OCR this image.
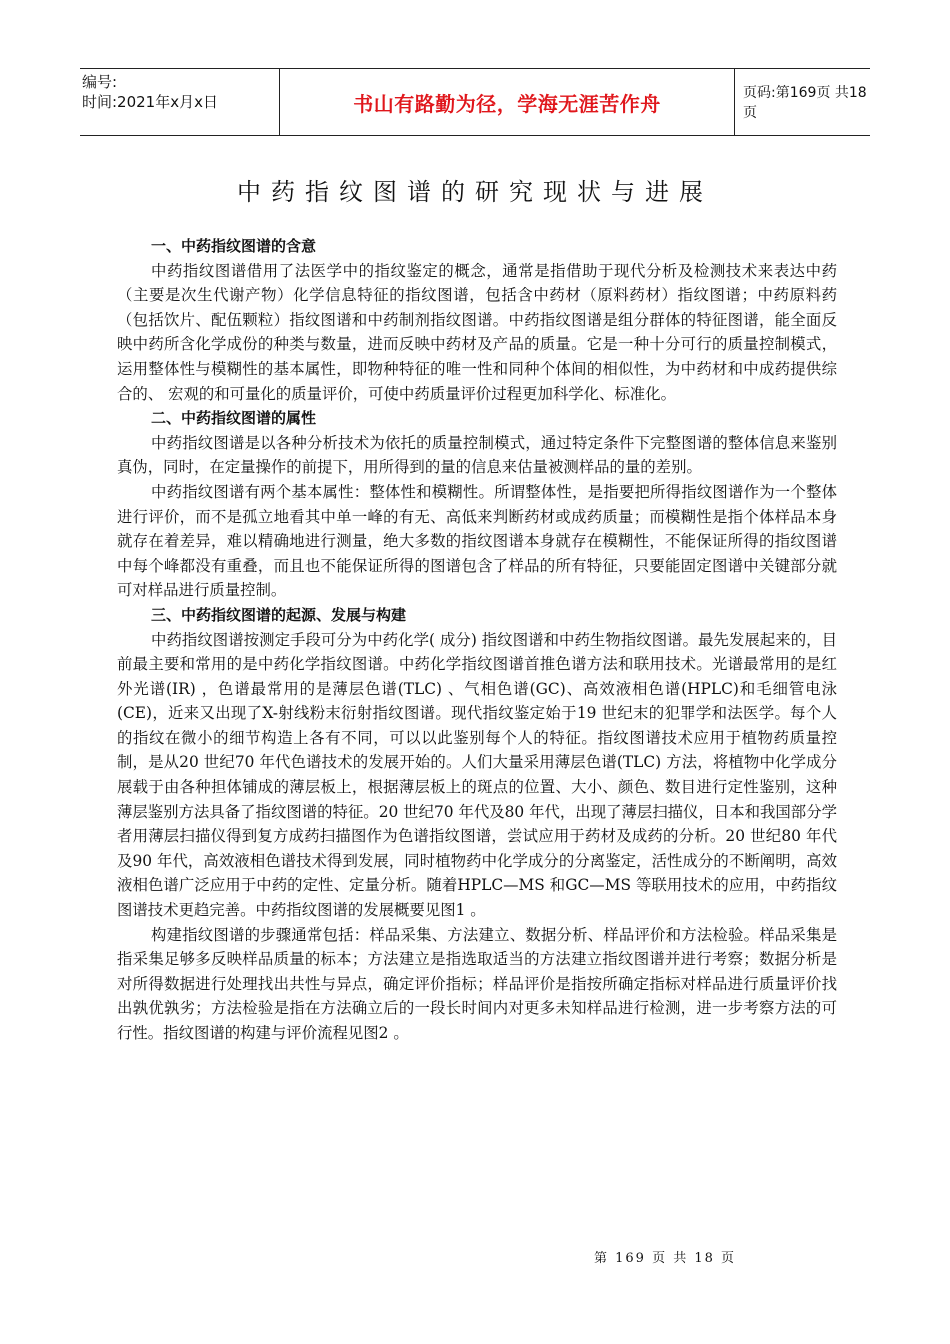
编号:
时间:2021年x月x日	书山有路勤为径，学海无涯苦作舟	页码:第169页 共18页
中药指纹图谱的研究现状与进展
一、中药指纹图谱的含意
中药指纹图谱借用了法医学中的指纹鉴定的概念，通常是指借助于现代分析及检测技术来表达中药（主要是次生代谢产物）化学信息特征的指纹图谱，包括含中药材（原料药材）指纹图谱；中药原料药（包括饮片、配伍颗粒）指纹图谱和中药制剂指纹图谱。中药指纹图谱是组分群体的特征图谱，能全面反映中药所含化学成份的种类与数量，进而反映中药材及产品的质量。它是一种十分可行的质量控制模式，运用整体性与模糊性的基本属性，即物种特征的唯一性和同种个体间的相似性，为中药材和中成药提供综合的、 宏观的和可量化的质量评价，可使中药质量评价过程更加科学化、标准化。
二、中药指纹图谱的属性
中药指纹图谱是以各种分析技术为依托的质量控制模式，通过特定条件下完整图谱的整体信息来鉴别真伪，同时，在定量操作的前提下，用所得到的量的信息来估量被测样品的量的差别。
中药指纹图谱有两个基本属性：整体性和模糊性。所谓整体性，是指要把所得指纹图谱作为一个整体进行评价，而不是孤立地看其中单一峰的有无、高低来判断药材或成药质量；而模糊性是指个体样品本身就存在着差异，难以精确地进行测量，绝大多数的指纹图谱本身就存在模糊性，不能保证所得的指纹图谱中每个峰都没有重叠，而且也不能保证所得的图谱包含了样品的所有特征，只要能固定图谱中关键部分就可对样品进行质量控制。
三、中药指纹图谱的起源、发展与构建
中药指纹图谱按测定手段可分为中药化学( 成分) 指纹图谱和中药生物指纹图谱。最先发展起来的，目前最主要和常用的是中药化学指纹图谱。中药化学指纹图谱首推色谱方法和联用技术。光谱最常用的是红外光谱(IR) ，色谱最常用的是薄层色谱(TLC) 、气相色谱(GC)、高效液相色谱(HPLC)和毛细管电泳(CE)，近来又出现了X-射线粉末衍射指纹图谱。现代指纹鉴定始于19 世纪末的犯罪学和法医学。每个人的指纹在微小的细节构造上各有不同，可以以此鉴别每个人的特征。指纹图谱技术应用于植物药质量控制，是从20 世纪70 年代色谱技术的发展开始的。人们大量采用薄层色谱(TLC) 方法，将植物中化学成分展载于由各种担体铺成的薄层板上，根据薄层板上的斑点的位置、大小、颜色、数目进行定性鉴别，这种薄层鉴别方法具备了指纹图谱的特征。20 世纪70 年代及80 年代，出现了薄层扫描仪，日本和我国部分学者用薄层扫描仪得到复方成药扫描图作为色谱指纹图谱，尝试应用于药材及成药的分析。20 世纪80 年代及90 年代，高效液相色谱技术得到发展，同时植物药中化学成分的分离鉴定，活性成分的不断阐明，高效液相色谱广泛应用于中药的定性、定量分析。随着HPLC—MS 和GC—MS 等联用技术的应用，中药指纹图谱技术更趋完善。中药指纹图谱的发展概要见图1 。
构建指纹图谱的步骤通常包括：样品采集、方法建立、数据分析、样品评价和方法检验。样品采集是指采集足够多反映样品质量的标本；方法建立是指选取适当的方法建立指纹图谱并进行考察；数据分析是对所得数据进行处理找出共性与异点，确定评价指标；样品评价是指按所确定指标对样品进行质量评价找出孰优孰劣；方法检验是指在方法确立后的一段长时间内对更多未知样品进行检测，进一步考察方法的可行性。指纹图谱的构建与评价流程见图2 。
第 169 页 共 18 页
